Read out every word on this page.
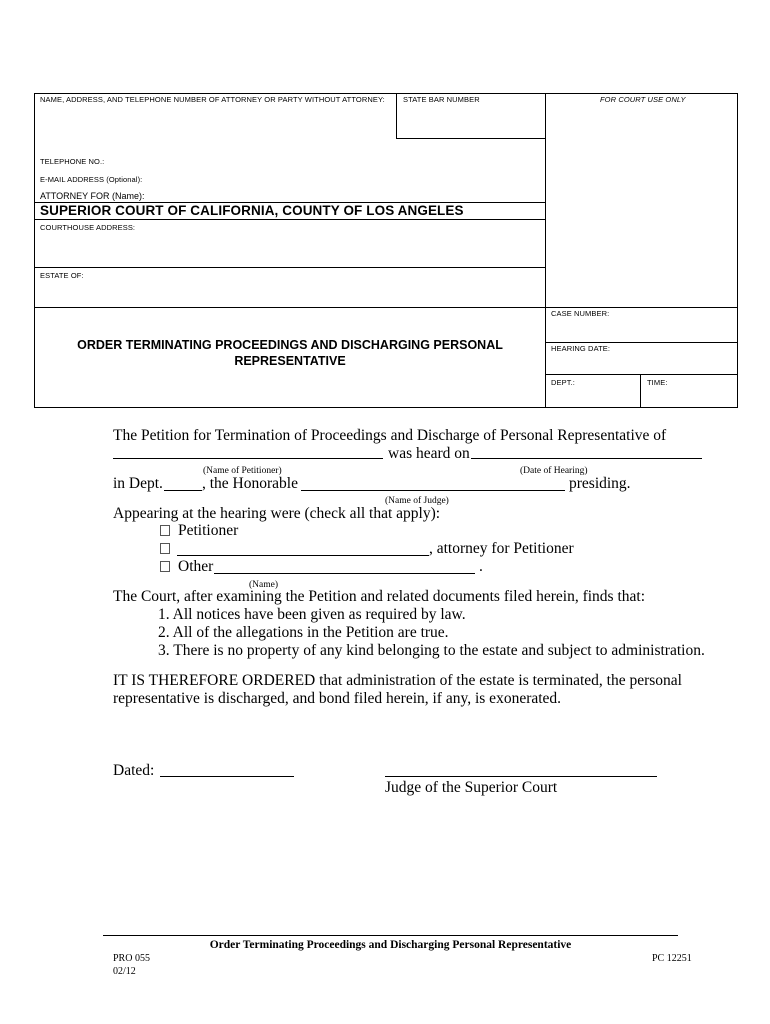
NAME, ADDRESS, AND TELEPHONE NUMBER OF ATTORNEY OR PARTY WITHOUT ATTORNEY: STATE BAR NUMBER	FOR COURT USE ONLY
TELEPHONE NO.:
E-MAIL ADDRESS (Optional):
ATTORNEY FOR (Name):
SUPERIOR COURT OF CALIFORNIA, COUNTY OF LOS ANGELES
COURTHOUSE ADDRESS:
ESTATE OF:
ORDER TERMINATING PROCEEDINGS AND DISCHARGING PERSONAL
REPRESENTATIVE
CASE NUMBER:
HEARING DATE:
DEPT.:	TIME:
The Petition for Termination of Proceedings and Discharge of Personal Representative of
was heard on
(Name of Petitioner)	(Date of Hearing)
in Dept.	, the Honorable	presiding.
(Name of Judge)
Appearing at the hearing were (check all that apply):
Petitioner
, attorney for Petitioner
Other	.
(Name)
The Court, after examining the Petition and related documents filed herein, finds that:
1. All notices have been given as required by law.
2. All of the allegations in the Petition are true.
3. There is no property of any kind belonging to the estate and subject to administration.
IT IS THEREFORE ORDERED that administration of the estate is terminated, the personal
representative is discharged, and bond filed herein, if any, is exonerated.
Dated:
Judge of the Superior Court
Order Terminating Proceedings and Discharging Personal Representative
PRO 055
02/12
PC 12251
